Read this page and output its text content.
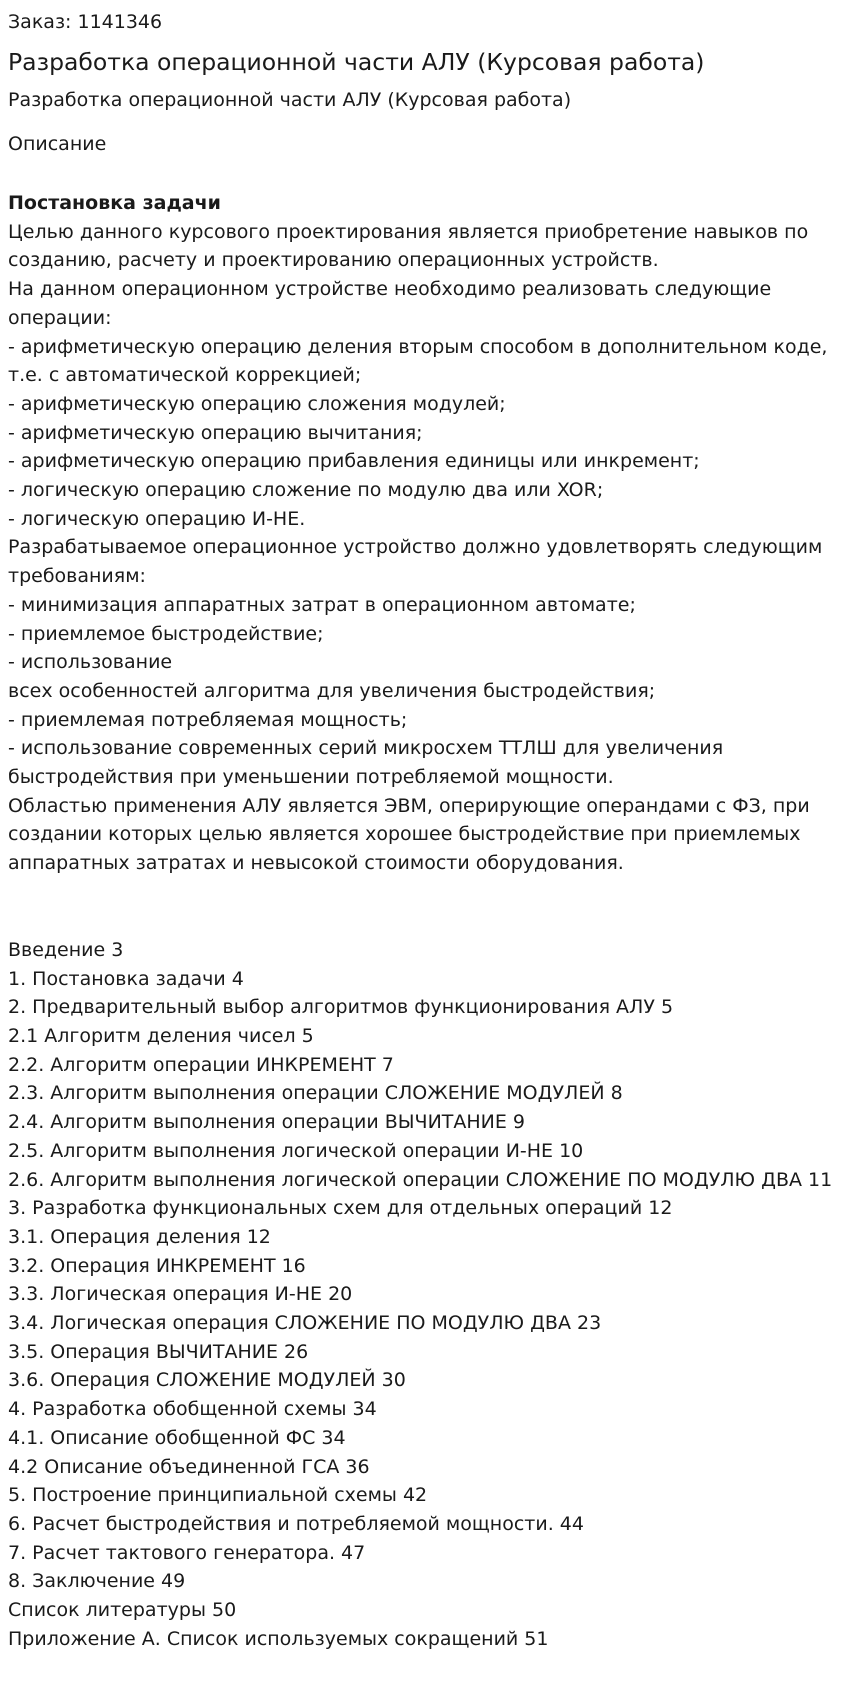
Заказ: 1141346

Разработка операционной части АЛУ (Курсовая работа)

Разработка операционной части АЛУ (Курсовая работа)

Описание

Постановка задачи
Целью данного курсового проектирования является приобретение навыков по
созданию, расчету и проектированию операционных устройств.
На данном операционном устройстве необходимо реализовать следующие
операции:
- арифметическую операцию деления вторым способом в дополнительном коде,
т.е. с автоматической коррекцией;
- арифметическую операцию сложения модулей;
- арифметическую операцию вычитания;
- арифметическую операцию прибавления единицы или инкремент;
- логическую операцию сложение по модулю два или XOR;
- логическую операцию И-НЕ.
Разрабатываемое операционное устройство должно удовлетворять следующим
требованиям:
- минимизация аппаратных затрат в операционном автомате;
- приемлемое быстродействие;
- использование
всех особенностей алгоритма для увеличения быстродействия;
- приемлемая потребляемая мощность;
- использование современных серий микросхем ТТЛШ для увеличения
быстродействия при уменьшении потребляемой мощности.
Областью применения АЛУ является ЭВМ, оперирующие операндами с ФЗ, при
создании которых целью является хорошее быстродействие при приемлемых
аппаратных затратах и невысокой стоимости оборудования.
Введение 3
1. Постановка задачи 4
2. Предварительный выбор алгоритмов функционирования АЛУ 5
2.1 Алгоритм деления чисел 5
2.2. Алгоритм операции ИНКРЕМЕНТ 7
2.3. Алгоритм выполнения операции СЛОЖЕНИЕ МОДУЛЕЙ 8
2.4. Алгоритм выполнения операции ВЫЧИТАНИЕ 9
2.5. Алгоритм выполнения логической операции И-НЕ 10
2.6. Алгоритм выполнения логической операции СЛОЖЕНИЕ ПО МОДУЛЮ ДВА 11
3. Разработка функциональных схем для отдельных операций 12
3.1. Операция деления 12
3.2. Операция ИНКРЕМЕНТ 16
3.3. Логическая операция И-НЕ 20
3.4. Логическая операция СЛОЖЕНИЕ ПО МОДУЛЮ ДВА 23
3.5. Операция ВЫЧИТАНИЕ 26
3.6. Операция СЛОЖЕНИЕ МОДУЛЕЙ 30
4. Разработка обобщенной схемы 34
4.1. Описание обобщенной ФС 34
4.2 Описание объединенной ГСА 36
5. Построение принципиальной схемы 42
6. Расчет быстродействия и потребляемой мощности. 44
7. Расчет тактового генератора. 47
8. Заключение 49
Список литературы 50
Приложение А. Список используемых сокращений 51
